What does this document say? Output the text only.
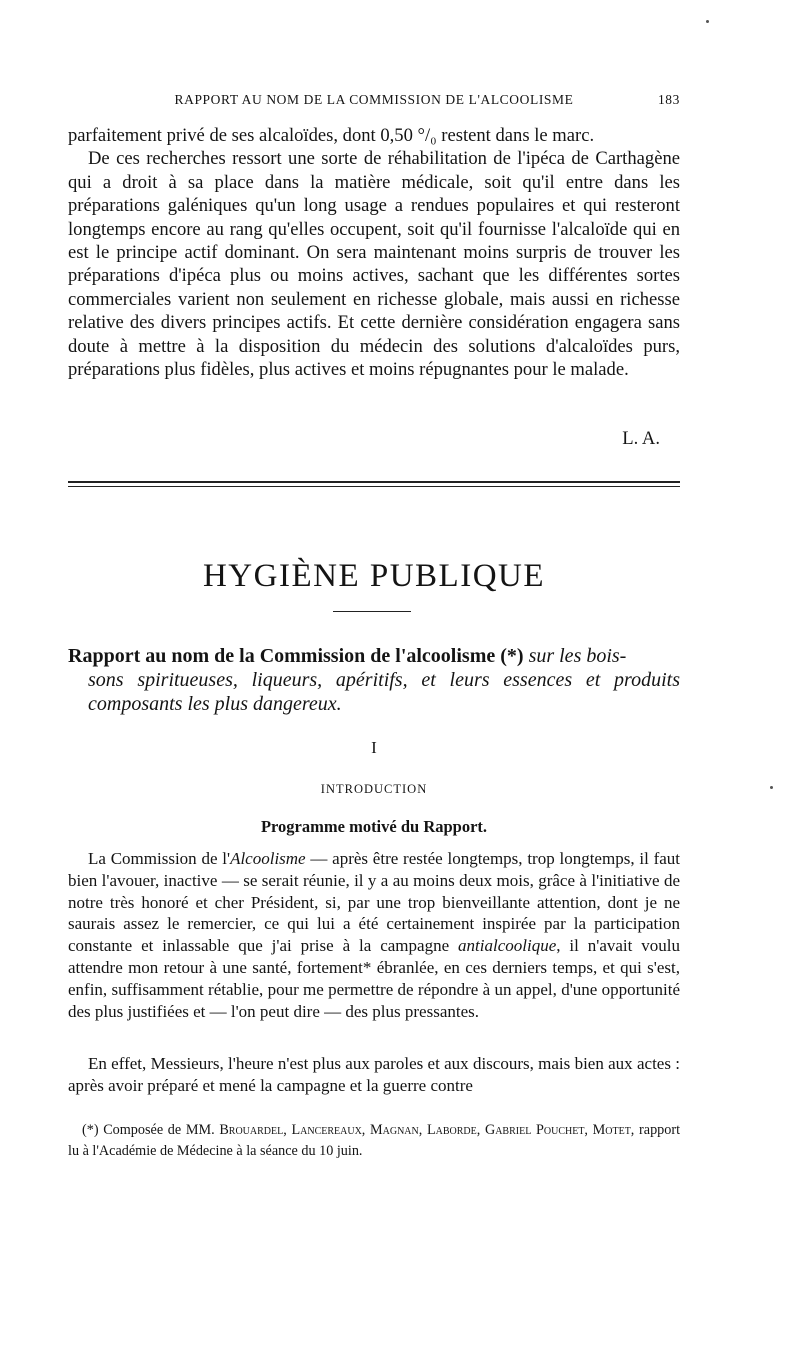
RAPPORT AU NOM DE LA COMMISSION DE L'ALCOOLISME	183

parfaitement privé de ses alcaloïdes, dont 0,50 °/₀ restent dans le marc.
De ces recherches ressort une sorte de réhabilitation de l'ipéca de Carthagène qui a droit à sa place dans la matière médicale, soit qu'il entre dans les préparations galéniques qu'un long usage a rendues populaires et qui resteront longtemps encore au rang qu'elles occupent, soit qu'il fournisse l'alcaloïde qui en est le principe actif dominant. On sera maintenant moins surpris de trouver les préparations d'ipéca plus ou moins actives, sachant que les différentes sortes commerciales varient non seulement en richesse globale, mais aussi en richesse relative des divers principes actifs. Et cette dernière considération engagera sans doute à mettre à la disposition du médecin des solutions d'alcaloïdes purs, préparations plus fidèles, plus actives et moins répugnantes pour le malade.

L. A.
HYGIÈNE PUBLIQUE

Rapport au nom de la Commission de l'alcoolisme (*) sur les bois-
sons spiritueuses, liqueurs, apéritifs, et leurs essences et produits composants les plus dangereux.

I
INTRODUCTION
Programme motivé du Rapport.

La Commission de l'Alcoolisme — après être restée longtemps, trop longtemps, il faut bien l'avouer, inactive — se serait réunie, il y a au moins deux mois, grâce à l'initiative de notre très honoré et cher Président, si, par une trop bienveillante attention, dont je ne saurais assez le remercier, ce qui lui a été certainement inspirée par la participation constante et inlassable que j'ai prise à la campagne antialcoolique, il n'avait voulu attendre mon retour à une santé, fortement* ébranlée, en ces derniers temps, et qui s'est, enfin, suffisamment rétablie, pour me permettre de répondre à un appel, d'une opportunité des plus justifiées et — l'on peut dire — des plus pressantes.

En effet, Messieurs, l'heure n'est plus aux paroles et aux discours, mais bien aux actes : après avoir préparé et mené la campagne et la guerre contre

(*) Composée de MM. Brouardel, Lancereaux, Magnan, Laborde, Gabriel Pouchet, Motet, rapport lu à l'Académie de Médecine à la séance du 10 juin.
